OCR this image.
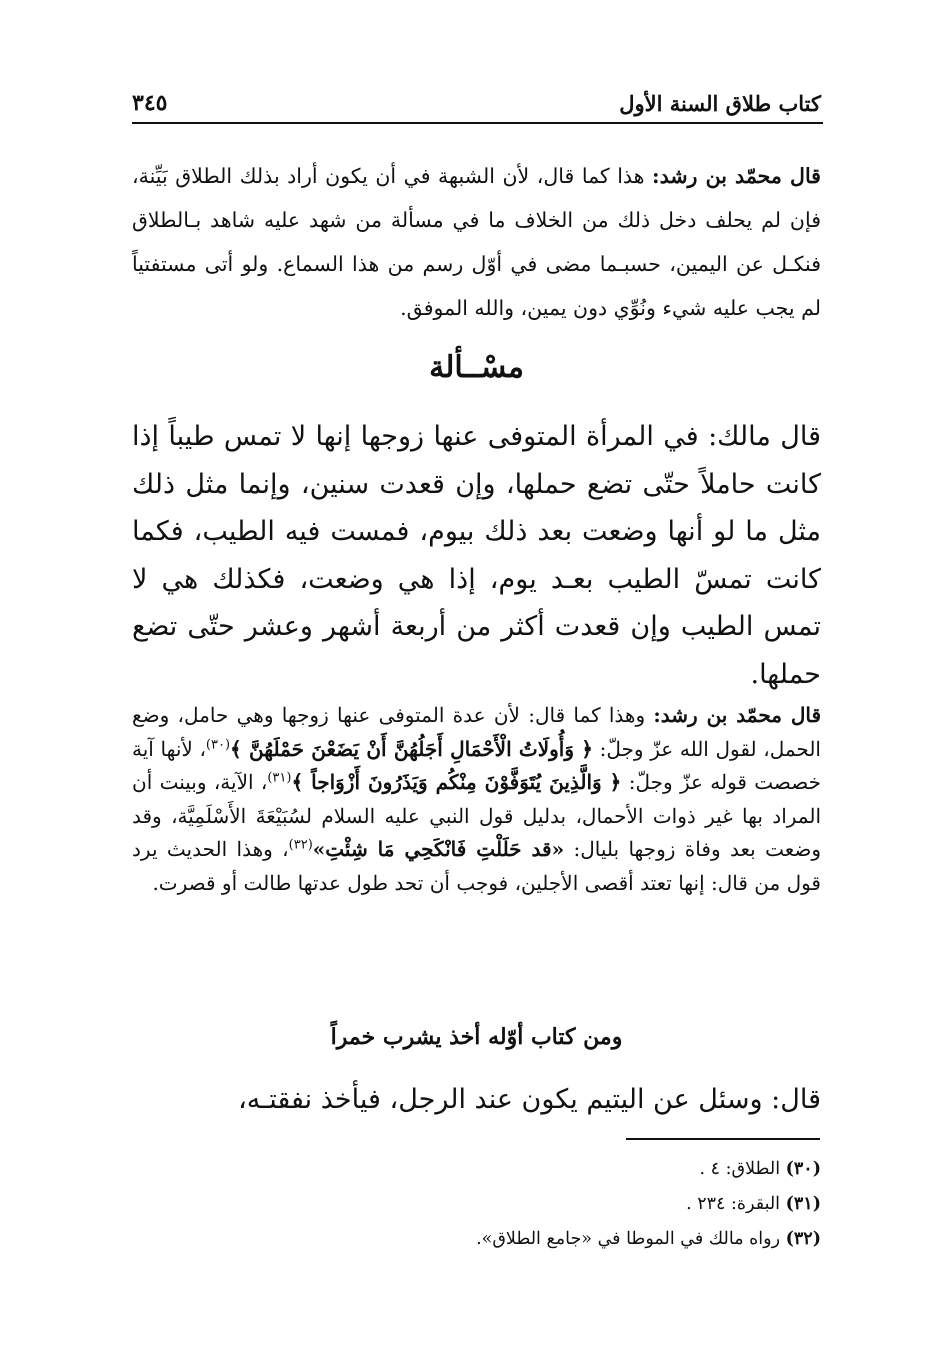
كتاب طلاق السنة الأول
٣٤٥

قال محمّد بن رشد: هذا كما قال، لأن الشبهة في أن يكون أراد بذلك الطلاق بَيِّنة، فإن لم يحلف دخل ذلك من الخلاف ما في مسألة من شهد عليه شاهد بـالطلاق فنكـل عن اليمين، حسبـما مضى في أوّل رسم من هذا السماع. ولو أتى مستفتياً لم يجب عليه شيء ونُوِّي دون يمين، والله الموفق.

مسْــألة

قال مالك: في المرأة المتوفى عنها زوجها إنها لا تمس طيباً إذا كانت حاملاً حتّى تضع حملها، وإن قعدت سنين، وإنما مثل ذلك مثل ما لو أنها وضعت بعد ذلك بيوم، فمست فيه الطيب، فكما كانت تمسّ الطيب بعـد يوم، إذا هي وضعت، فكذلك هي لا تمس الطيب وإن قعدت أكثر من أربعة أشهر وعشر حتّى تضع حملها.

قال محمّد بن رشد: وهذا كما قال: لأن عدة المتوفى عنها زوجها وهي حامل، وضع الحمل، لقول الله عزّ وجلّ: ﴿ وَأُولَاتُ الْأَحْمَالِ أَجَلُهُنَّ أَنْ يَضَعْنَ حَمْلَهُنَّ ﴾$^{(٣٠)}$، لأنها آية خصصت قوله عزّ وجلّ: ﴿ وَالَّذِينَ يُتَوَفَّوْنَ مِنْكُم وَيَذَرُونَ أَزْوَاجاً ﴾$^{(٣١)}$، الآية، وبينت أن المراد بها غير ذوات الأحمال، بدليل قول النبي عليه السلام لسُبَيْعَةَ الأَسْلَمِيَّة، وقد وضعت بعد وفاة زوجها بليال: «قد حَلَلْتِ فَانْكَحِي مَا شِئْتِ»$^{(٣٢)}$، وهذا الحديث يرد قول من قال: إنها تعتد أقصى الأجلين، فوجب أن تحد طول عدتها طالت أو قصرت.

ومن كتاب أوّله أخذ يشرب خمراً

قال: وسئل عن اليتيم يكون عند الرجل، فيأخذ نفقتـه،

(٣٠) الطلاق: ٤ .
(٣١) البقرة: ٢٣٤ .
(٣٢) رواه مالك في الموطا في «جامع الطلاق».
